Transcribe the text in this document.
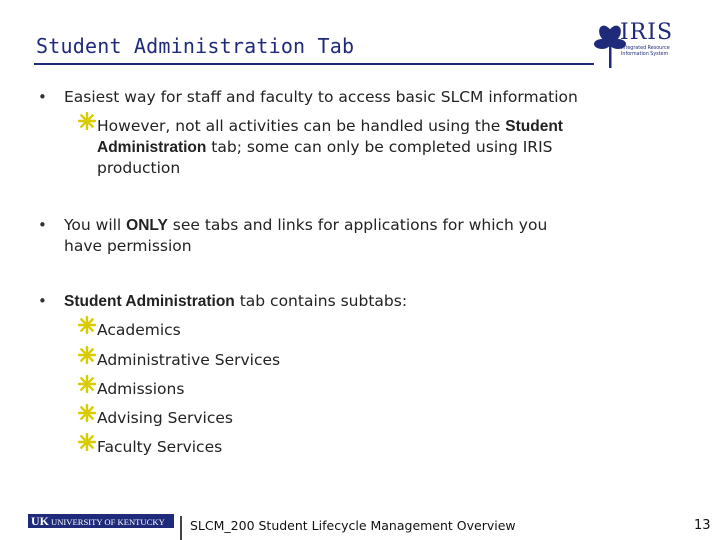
Student Administration Tab
IRIS
Integrated Resource Information System
• Easiest way for staff and faculty to access basic SLCM information
However, not all activities can be handled using the Student
Administration tab; some can only be completed using IRIS
production
• You will ONLY see tabs and links for applications for which you
have permission
• Student Administration tab contains subtabs:
Academics
Administrative Services
Admissions
Advising Services
Faculty Services
UK UNIVERSITY OF KENTUCKY	SLCM_200 Student Lifecycle Management Overview	13
